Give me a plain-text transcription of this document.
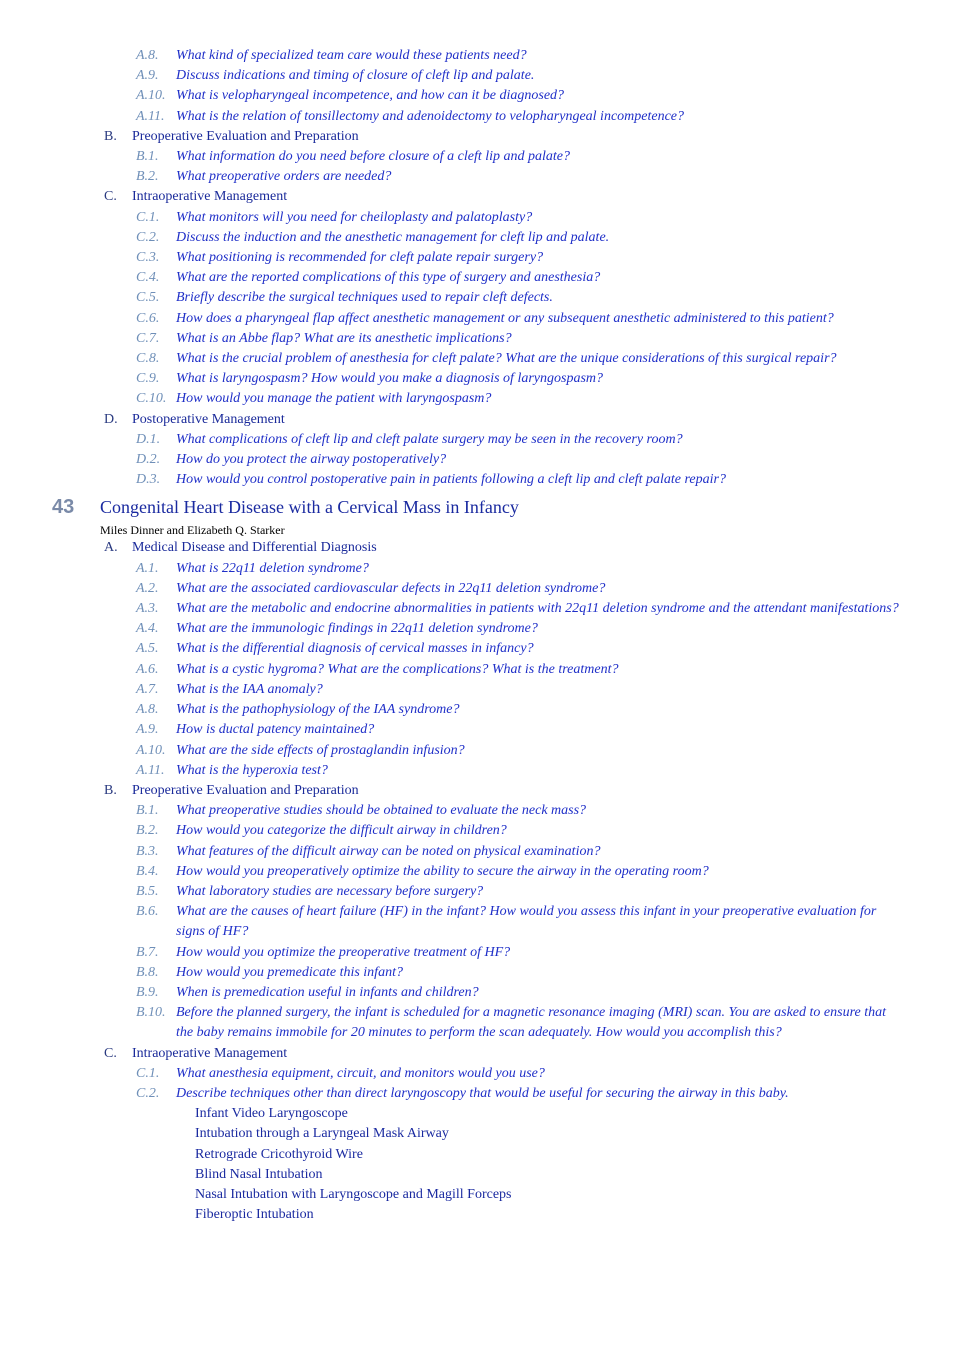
A.8.	What kind of specialized team care would these patients need?
A.9.	Discuss indications and timing of closure of cleft lip and palate.
A.10. What is velopharyngeal incompetence, and how can it be diagnosed?
A.11. What is the relation of tonsillectomy and adenoidectomy to velopharyngeal incompetence?
B.	Preoperative Evaluation and Preparation
B.1.	What information do you need before closure of a cleft lip and palate?
B.2.	What preoperative orders are needed?
C.	Intraoperative Management
C.1.	What monitors will you need for cheiloplasty and palatoplasty?
C.2.	Discuss the induction and the anesthetic management for cleft lip and palate.
C.3.	What positioning is recommended for cleft palate repair surgery?
C.4.	What are the reported complications of this type of surgery and anesthesia?
C.5.	Briefly describe the surgical techniques used to repair cleft defects.
C.6.	How does a pharyngeal flap affect anesthetic management or any subsequent anesthetic administered to this patient?
C.7.	What is an Abbe flap? What are its anesthetic implications?
C.8.	What is the crucial problem of anesthesia for cleft palate? What are the unique considerations of this surgical repair?
C.9.	What is laryngospasm? How would you make a diagnosis of laryngospasm?
C.10. How would you manage the patient with laryngospasm?
D.	Postoperative Management
D.1.	What complications of cleft lip and cleft palate surgery may be seen in the recovery room?
D.2.	How do you protect the airway postoperatively?
D.3.	How would you control postoperative pain in patients following a cleft lip and cleft palate repair?
43 Congenital Heart Disease with a Cervical Mass in Infancy
Miles Dinner and Elizabeth Q. Starker
A.	Medical Disease and Differential Diagnosis
A.1.	What is 22q11 deletion syndrome?
A.2.	What are the associated cardiovascular defects in 22q11 deletion syndrome?
A.3.	What are the metabolic and endocrine abnormalities in patients with 22q11 deletion syndrome and the attendant manifestations?
A.4.	What are the immunologic findings in 22q11 deletion syndrome?
A.5.	What is the differential diagnosis of cervical masses in infancy?
A.6.	What is a cystic hygroma? What are the complications? What is the treatment?
A.7.	What is the IAA anomaly?
A.8.	What is the pathophysiology of the IAA syndrome?
A.9.	How is ductal patency maintained?
A.10. What are the side effects of prostaglandin infusion?
A.11. What is the hyperoxia test?
B.	Preoperative Evaluation and Preparation
B.1.	What preoperative studies should be obtained to evaluate the neck mass?
B.2.	How would you categorize the difficult airway in children?
B.3.	What features of the difficult airway can be noted on physical examination?
B.4.	How would you preoperatively optimize the ability to secure the airway in the operating room?
B.5.	What laboratory studies are necessary before surgery?
B.6.	What are the causes of heart failure (HF) in the infant? How would you assess this infant in your preoperative evaluation for signs of HF?
B.7.	How would you optimize the preoperative treatment of HF?
B.8.	How would you premedicate this infant?
B.9.	When is premedication useful in infants and children?
B.10. Before the planned surgery, the infant is scheduled for a magnetic resonance imaging (MRI) scan. You are asked to ensure that the baby remains immobile for 20 minutes to perform the scan adequately. How would you accomplish this?
C.	Intraoperative Management
C.1.	What anesthesia equipment, circuit, and monitors would you use?
C.2.	Describe techniques other than direct laryngoscopy that would be useful for securing the airway in this baby.
Infant Video Laryngoscope
Intubation through a Laryngeal Mask Airway
Retrograde Cricothyroid Wire
Blind Nasal Intubation
Nasal Intubation with Laryngoscope and Magill Forceps
Fiberoptic Intubation
